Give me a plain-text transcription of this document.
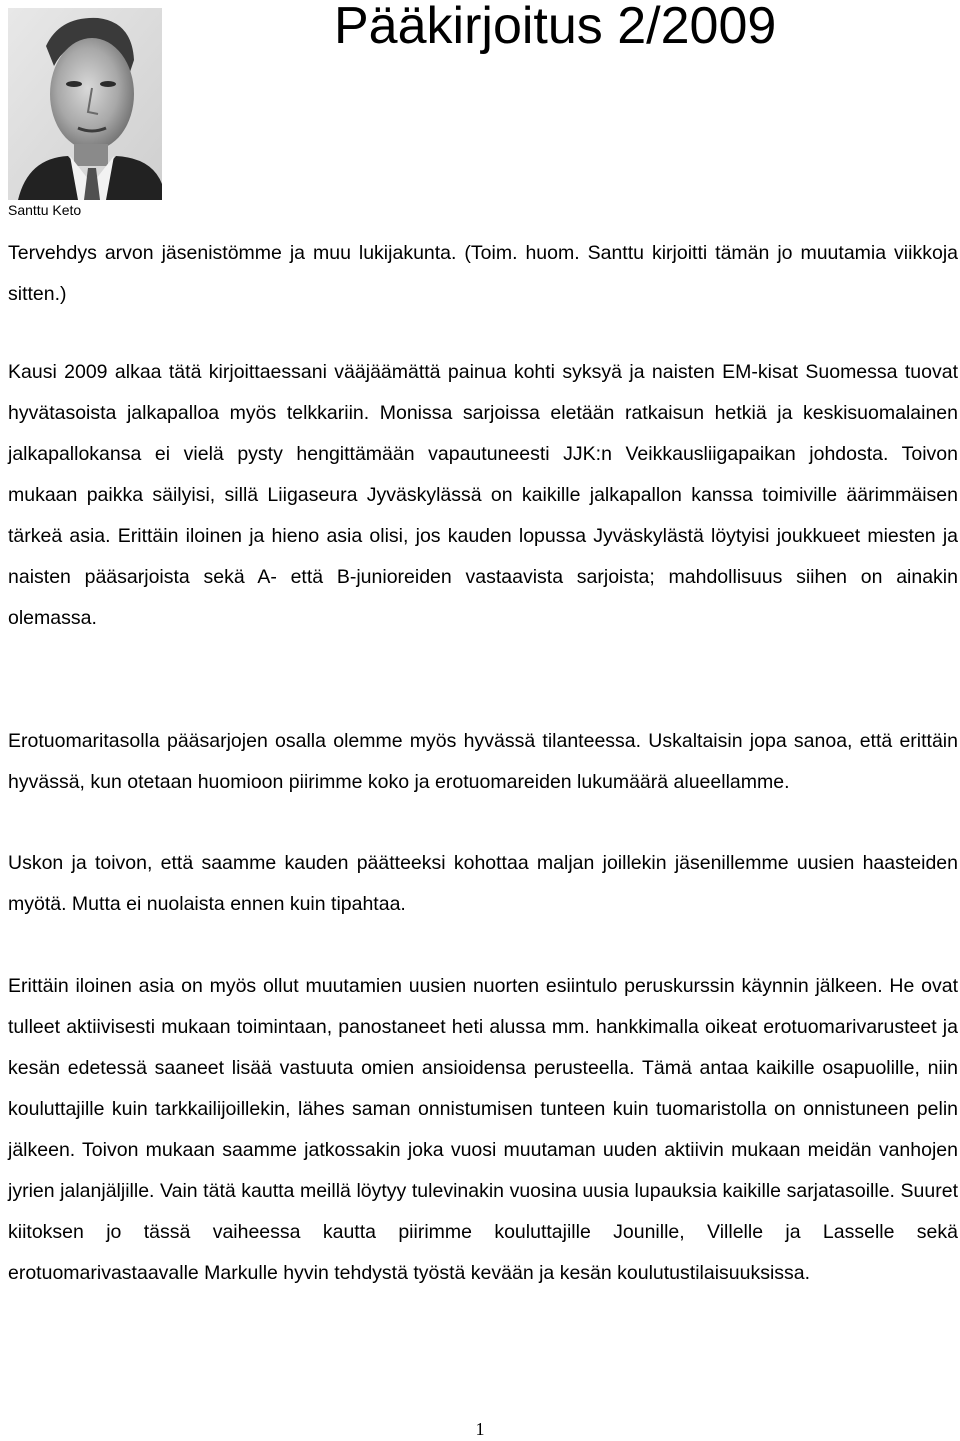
Santtu Keto
Pääkirjoitus 2/2009

Tervehdys arvon jäsenistömme ja muu lukijakunta. (Toim. huom. Santtu kirjoitti tämän jo muutamia viikkoja sitten.)

Kausi 2009 alkaa tätä kirjoittaessani vääjäämättä painua kohti syksyä ja naisten EM-kisat Suomessa tuovat hyvätasoista jalkapalloa myös telkkariin. Monissa sarjoissa eletään ratkaisun hetkiä ja keskisuomalainen jalkapallokansa ei vielä pysty hengittämään vapautuneesti JJK:n Veikkausliigapaikan johdosta. Toivon mukaan paikka säilyisi, sillä Liigaseura Jyväskylässä on kaikille jalkapallon kanssa toimiville äärimmäisen tärkeä asia. Erittäin iloinen ja hieno asia olisi, jos kauden lopussa Jyväskylästä löytyisi joukkueet miesten ja naisten pääsarjoista sekä A- että B-junioreiden vastaavista sarjoista; mahdollisuus siihen on ainakin olemassa.

Erotuomaritasolla pääsarjojen osalla olemme myös hyvässä tilanteessa. Uskaltaisin jopa sanoa, että erittäin hyvässä, kun otetaan huomioon piirimme koko ja erotuomareiden lukumäärä alueellamme.

Uskon ja toivon, että saamme kauden päätteeksi kohottaa maljan joillekin jäsenillemme uusien haasteiden myötä. Mutta ei nuolaista ennen kuin tipahtaa.

Erittäin iloinen asia on myös ollut muutamien uusien nuorten esiintulo peruskurssin käynnin jälkeen. He ovat tulleet aktiivisesti mukaan toimintaan, panostaneet heti alussa mm. hankkimalla oikeat erotuomarivarusteet ja kesän edetessä saaneet lisää vastuuta omien ansioidensa perusteella. Tämä antaa kaikille osapuolille, niin kouluttajille kuin tarkkailijoillekin, lähes saman onnistumisen tunteen kuin tuomaristolla on onnistuneen pelin jälkeen. Toivon mukaan saamme jatkossakin joka vuosi muutaman uuden aktiivin mukaan meidän vanhojen jyrien jalanjäljille. Vain tätä kautta meillä löytyy tulevinakin vuosina uusia lupauksia kaikille sarjatasoille. Suuret kiitoksen jo tässä vaiheessa kautta piirimme kouluttajille Jounille, Villelle ja Lasselle sekä erotuomarivastaavalle Markulle hyvin tehdystä työstä kevään ja kesän koulutustilaisuuksissa.

1
